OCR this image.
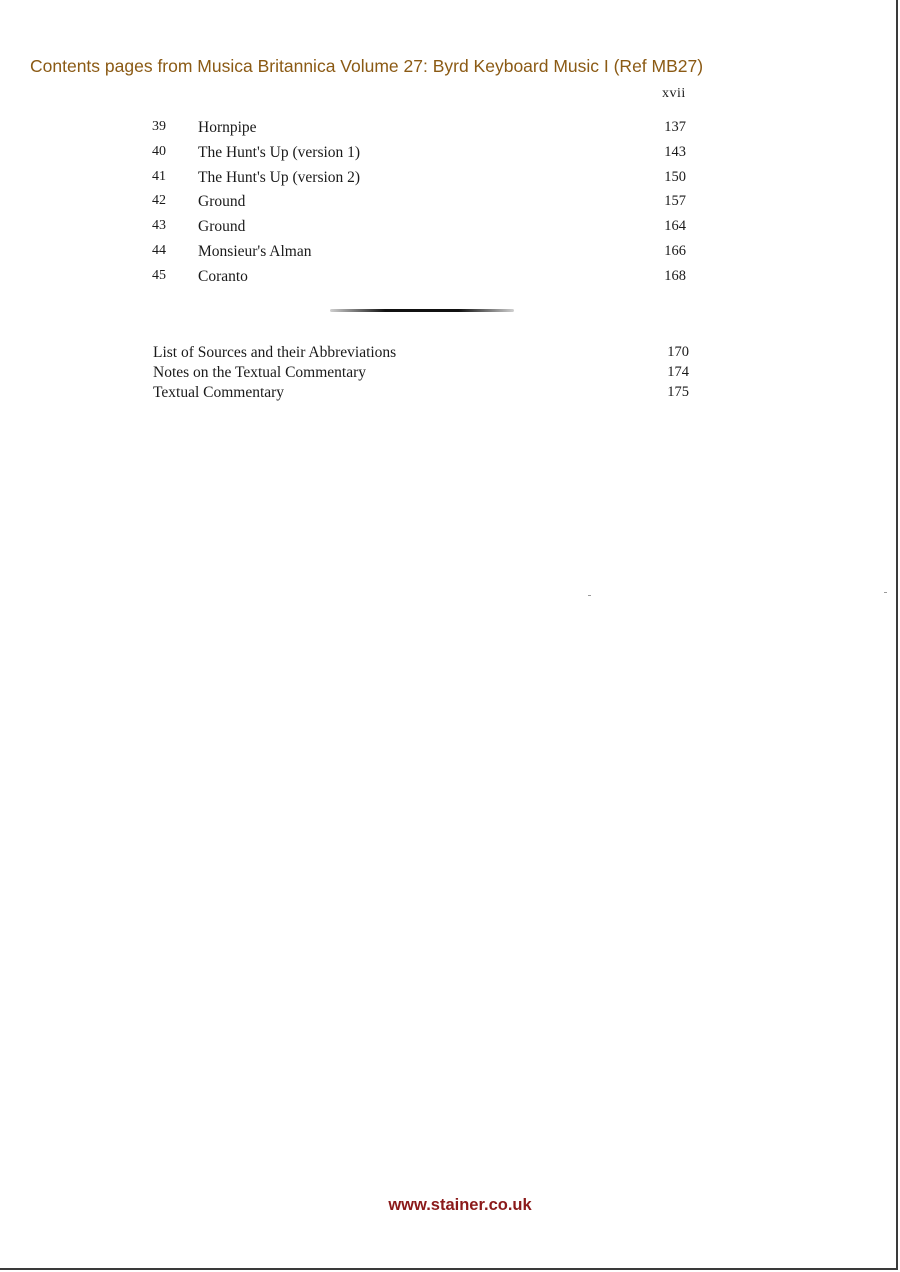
Contents pages from Musica Britannica Volume 27: Byrd Keyboard Music I (Ref MB27)
xvii
39 Hornpipe	137
40 The Hunt's Up (version 1)	143
41 The Hunt's Up (version 2)	150
42 Ground	157
43 Ground	164
44 Monsieur's Alman	166
45 Coranto	168
List of Sources and their Abbreviations	170
Notes on the Textual Commentary	174
Textual Commentary	175
www.stainer.co.uk
